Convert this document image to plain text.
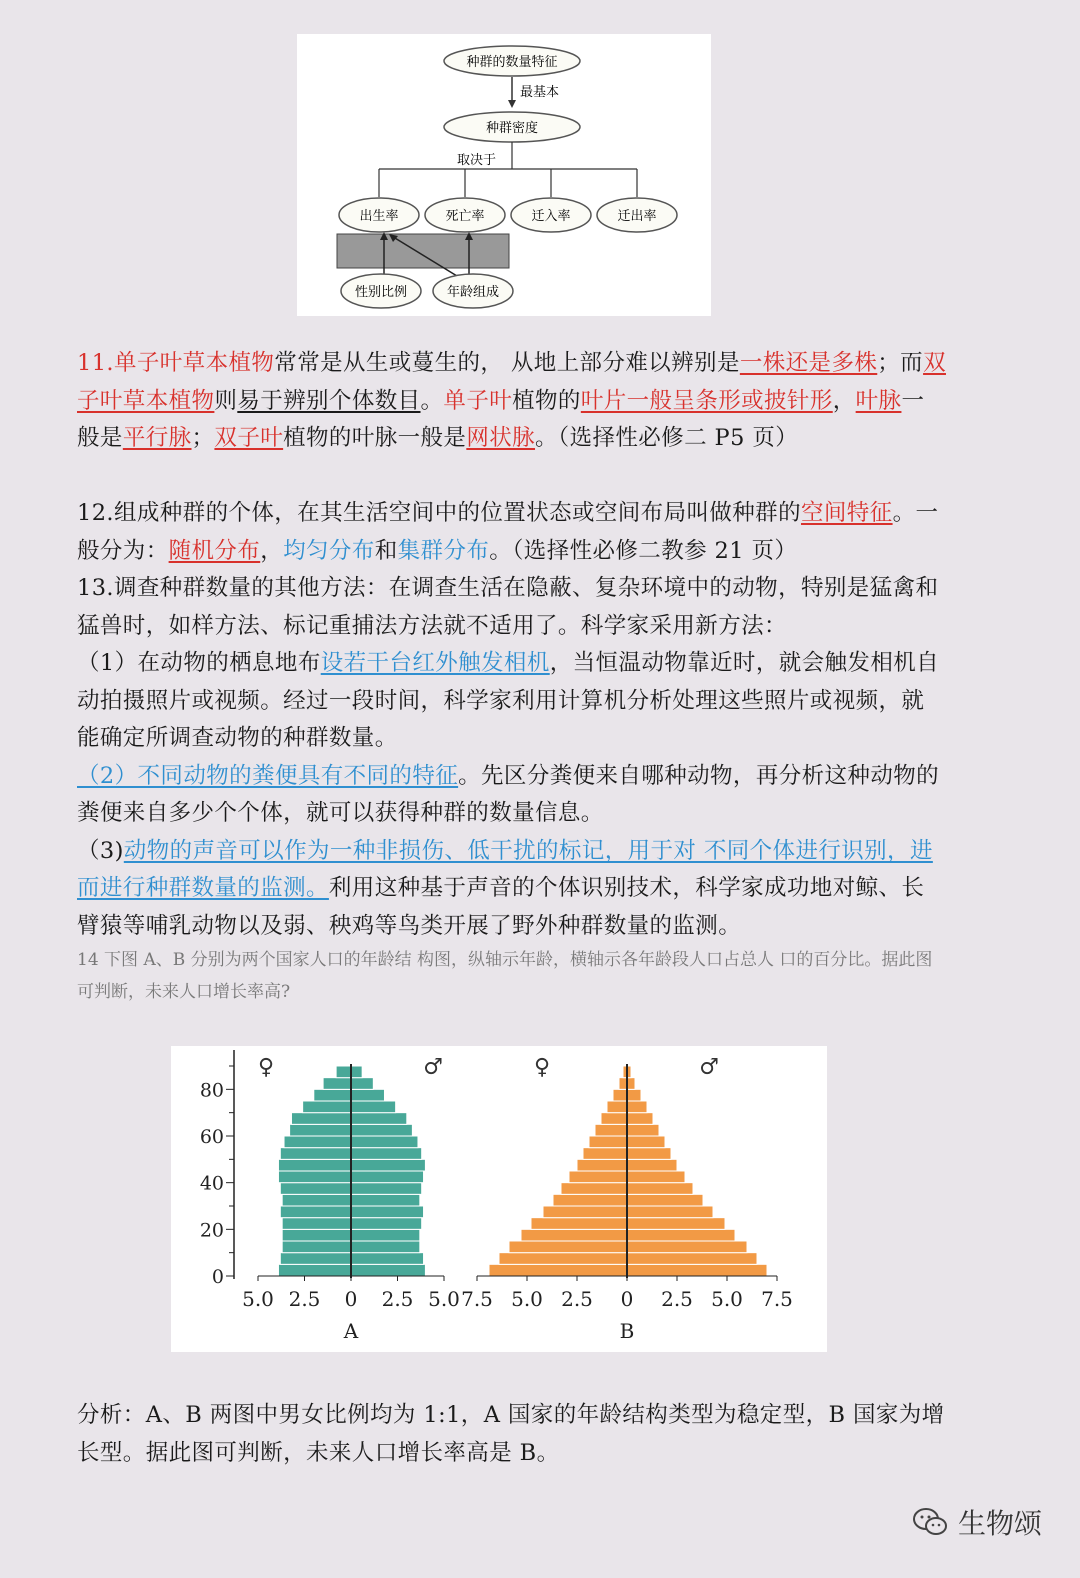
种群的数量特征
最基本
种群密度
取决于
出生率	死亡率	迁入率	迁出率
性别比例	年龄组成
11.单子叶草本植物常常是从生或蔓生的， 从地上部分难以辨别是一株还是多株；而双子叶草本植物则易于辨别个体数目。单子叶植物的叶片一般呈条形或披针形，叶脉一般是平行脉；双子叶植物的叶脉一般是网状脉。（选择性必修二 P5 页）
12.组成种群的个体，在其生活空间中的位置状态或空间布局叫做种群的空间特征。一般分为：随机分布，均匀分布和集群分布。（选择性必修二教参 21 页）
13.调查种群数量的其他方法：在调查生活在隐蔽、复杂环境中的动物，特别是猛禽和猛兽时，如样方法、标记重捕法方法就不适用了。科学家采用新方法：
（1）在动物的栖息地布设若干台红外触发相机，当恒温动物靠近时，就会触发相机自动拍摄照片或视频。经过一段时间，科学家利用计算机分析处理这些照片或视频，就能确定所调查动物的种群数量。
（2）不同动物的粪便具有不同的特征。先区分粪便来自哪种动物，再分析这种动物的 粪便来自多少个个体，就可以获得种群的数量信息。
（3)动物的声音可以作为一种非损伤、低干扰的标记，用于对 不同个体进行识别，进而进行种群数量的监测。利用这种基于声音的个体识别技术，科学家成功地对鲸、长臂猿等哺乳动物以及弱、秧鸡等鸟类开展了野外种群数量的监测。
14 下图 A、B 分别为两个国家人口的年龄结 构图，纵轴示年龄，横轴示各年龄段人口占总人 口的百分比。据此图可判断，未来人口增长率高?
5.0 2.5 0 2.5 5.0
A
♀	♂
0
20
40
60
80
7.5 5.0 2.5 0 2.5 5.0 7.5
B
♀	♂
分析：A、B 两图中男女比例均为 1:1，A 国家的年龄结构类型为稳定型，B 国家为增长型。据此图可判断，未来人口增长率高是 B。
生物颂
